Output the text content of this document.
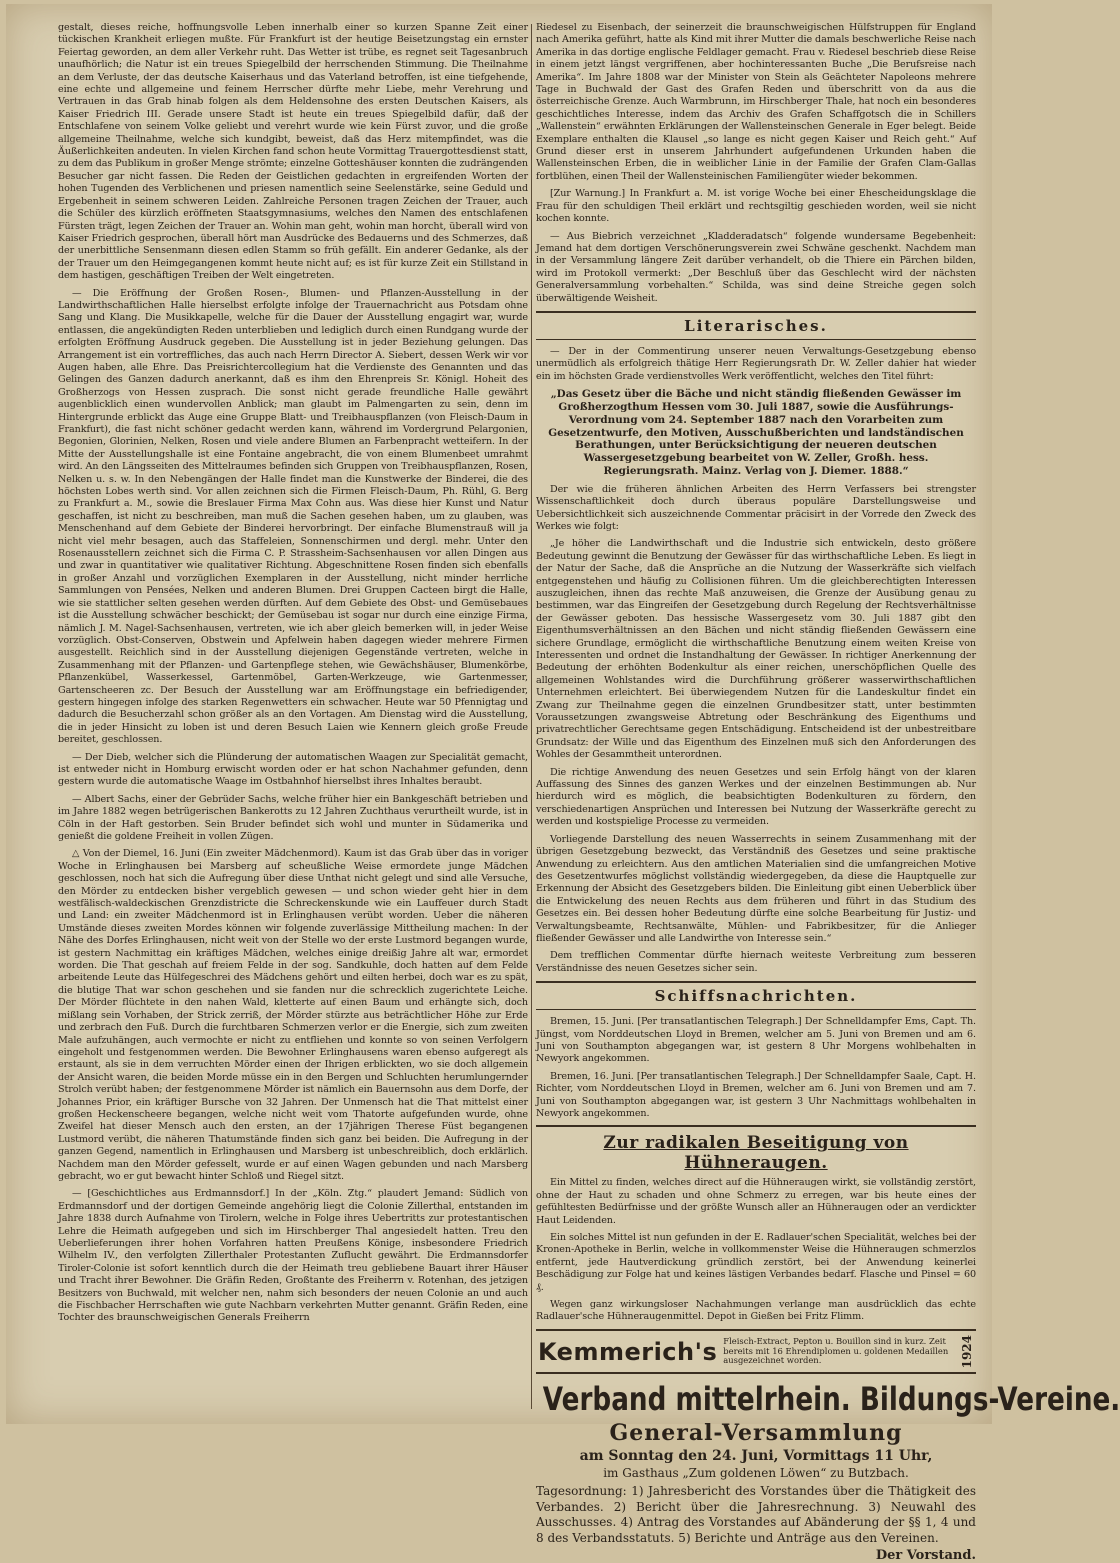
gestalt, dieses reiche, hoffnungsvolle Leben innerhalb einer so kurzen Spanne Zeit einer tückischen Krankheit erliegen mußte. Für Frankfurt ist der heutige Beisetzungstag ein ernster Feiertag geworden, an dem aller Verkehr ruht. Das Wetter ist trübe, es regnet seit Tagesanbruch unaufhörlich; die Natur ist ein treues Spiegelbild der herrschenden Stimmung. Die Theilnahme an dem Verluste, der das deutsche Kaiserhaus und das Vaterland betroffen, ist eine tiefgehende, eine echte und allgemeine und feinem Herrscher dürfte mehr Liebe, mehr Verehrung und Vertrauen in das Grab hinab folgen als dem Heldensohne des ersten Deutschen Kaisers, als Kaiser Friedrich III. Gerade unsere Stadt ist heute ein treues Spiegelbild dafür, daß der Entschlafene von seinem Volke geliebt und verehrt wurde wie kein Fürst zuvor, und die große allgemeine Theilnahme, welche sich kundgibt, beweist, daß das Herz mitempfindet, was die Äußerlichkeiten andeuten. In vielen Kirchen fand schon heute Vormittag Trauergottesdienst statt, zu dem das Publikum in großer Menge strömte; einzelne Gotteshäuser konnten die zudrängenden Besucher gar nicht fassen. Die Reden der Geistlichen gedachten in ergreifenden Worten der hohen Tugenden des Verblichenen und priesen namentlich seine Seelenstärke, seine Geduld und Ergebenheit in seinem schweren Leiden. Zahlreiche Personen tragen Zeichen der Trauer, auch die Schüler des kürzlich eröffneten Staatsgymnasiums, welches den Namen des entschlafenen Fürsten trägt, legen Zeichen der Trauer an. Wohin man geht, wohin man horcht, überall wird von Kaiser Friedrich gesprochen, überall hört man Ausdrücke des Bedauerns und des Schmerzes, daß der unerbittliche Sensenmann diesen edlen Stamm so früh gefällt. Ein anderer Gedanke, als der der Trauer um den Heimgegangenen kommt heute nicht auf; es ist für kurze Zeit ein Stillstand in dem hastigen, geschäftigen Treiben der Welt eingetreten.

— Die Eröffnung der Großen Rosen-, Blumen- und Pflanzen-Ausstellung in der Landwirthschaftlichen Halle hierselbst erfolgte infolge der Trauernachricht aus Potsdam ohne Sang und Klang. Die Musikkapelle, welche für die Dauer der Ausstellung engagirt war, wurde entlassen, die angekündigten Reden unterblieben und lediglich durch einen Rundgang wurde der erfolgten Eröffnung Ausdruck gegeben. Die Ausstellung ist in jeder Beziehung gelungen. Das Arrangement ist ein vortreffliches, das auch nach Herrn Director A. Siebert, dessen Werk wir vor Augen haben, alle Ehre. Das Preisrichtercollegium hat die Verdienste des Genannten und das Gelingen des Ganzen dadurch anerkannt, daß es ihm den Ehrenpreis Sr. Königl. Hoheit des Großherzogs von Hessen zusprach. Die sonst nicht gerade freundliche Halle gewährt augenblicklich einen wundervollen Anblick; man glaubt im Palmengarten zu sein, denn im Hintergrunde erblickt das Auge eine Gruppe Blatt- und Treibhauspflanzen (von Fleisch-Daum in Frankfurt), die fast nicht schöner gedacht werden kann, während im Vordergrund Pelargonien, Begonien, Glorinien, Nelken, Rosen und viele andere Blumen an Farbenpracht wetteifern. In der Mitte der Ausstellungshalle ist eine Fontaine angebracht, die von einem Blumenbeet umrahmt wird. An den Längsseiten des Mittelraumes befinden sich Gruppen von Treibhauspflanzen, Rosen, Nelken u. s. w. In den Nebengängen der Halle findet man die Kunstwerke der Binderei, die des höchsten Lobes werth sind. Vor allen zeichnen sich die Firmen Fleisch-Daum, Ph. Rühl, G. Berg zu Frankfurt a. M., sowie die Breslauer Firma Max Cohn aus. Was diese hier Kunst und Natur geschaffen, ist nicht zu beschreiben, man muß die Sachen gesehen haben, um zu glauben, was Menschenhand auf dem Gebiete der Binderei hervorbringt. Der einfache Blumenstrauß will ja nicht viel mehr besagen, auch das Staffeleien, Sonnenschirmen und dergl. mehr. Unter den Rosenausstellern zeichnet sich die Firma C. P. Strassheim-Sachsenhausen vor allen Dingen aus und zwar in quantitativer wie qualitativer Richtung. Abgeschnittene Rosen finden sich ebenfalls in großer Anzahl und vorzüglichen Exemplaren in der Ausstellung, nicht minder herrliche Sammlungen von Pensées, Nelken und anderen Blumen. Drei Gruppen Cacteen birgt die Halle, wie sie stattlicher selten gesehen werden dürften. Auf dem Gebiete des Obst- und Gemüsebaues ist die Ausstellung schwächer beschickt; der Gemüsebau ist sogar nur durch eine einzige Firma, nämlich J. M. Nagel-Sachsenhausen, vertreten, wie ich aber gleich bemerken will, in jeder Weise vorzüglich. Obst-Conserven, Obstwein und Apfelwein haben dagegen wieder mehrere Firmen ausgestellt. Reichlich sind in der Ausstellung diejenigen Gegenstände vertreten, welche in Zusammenhang mit der Pflanzen- und Gartenpflege stehen, wie Gewächshäuser, Blumenkörbe, Pflanzenkübel, Wasserkessel, Gartenmöbel, Garten-Werkzeuge, wie Gartenmesser, Gartenscheeren zc. Der Besuch der Ausstellung war am Eröffnungstage ein befriedigender, gestern hingegen infolge des starken Regenwetters ein schwacher. Heute war 50 Pfennigtag und dadurch die Besucherzahl schon größer als an den Vortagen. Am Dienstag wird die Ausstellung, die in jeder Hinsicht zu loben ist und deren Besuch Laien wie Kennern gleich große Freude bereitet, geschlossen.

— Der Dieb, welcher sich die Plünderung der automatischen Waagen zur Specialität gemacht, ist entweder nicht in Homburg erwischt worden oder er hat schon Nachahmer gefunden, denn gestern wurde die automatische Waage im Ostbahnhof hierselbst ihres Inhaltes beraubt.

— Albert Sachs, einer der Gebrüder Sachs, welche früher hier ein Bankgeschäft betrieben und im Jahre 1882 wegen betrügerischen Bankerotts zu 12 Jahren Zuchthaus verurtheilt wurde, ist in Cöln in der Haft gestorben. Sein Bruder befindet sich wohl und munter in Südamerika und genießt die goldene Freiheit in vollen Zügen.

△ Von der Diemel, 16. Juni (Ein zweiter Mädchenmord). Kaum ist das Grab über das in voriger Woche in Erlinghausen bei Marsberg auf scheußliche Weise ermordete junge Mädchen geschlossen, noch hat sich die Aufregung über diese Unthat nicht gelegt und sind alle Versuche, den Mörder zu entdecken bisher vergeblich gewesen — und schon wieder geht hier in dem westfälisch-waldeckischen Grenzdistricte die Schreckenskunde wie ein Lauffeuer durch Stadt und Land: ein zweiter Mädchenmord ist in Erlinghausen verübt worden. Ueber die näheren Umstände dieses zweiten Mordes können wir folgende zuverlässige Mittheilung machen: In der Nähe des Dorfes Erlinghausen, nicht weit von der Stelle wo der erste Lustmord begangen wurde, ist gestern Nachmittag ein kräftiges Mädchen, welches einige dreißig Jahre alt war, ermordet worden. Die That geschah auf freiem Felde in der sog. Sandkuhle, doch hatten auf dem Felde arbeitende Leute das Hülfegeschrei des Mädchens gehört und eilten herbei, doch war es zu spät, die blutige That war schon geschehen und sie fanden nur die schrecklich zugerichtete Leiche. Der Mörder flüchtete in den nahen Wald, kletterte auf einen Baum und erhängte sich, doch mißlang sein Vorhaben, der Strick zerriß, der Mörder stürzte aus beträchtlicher Höhe zur Erde und zerbrach den Fuß. Durch die furchtbaren Schmerzen verlor er die Energie, sich zum zweiten Male aufzuhängen, auch vermochte er nicht zu entfliehen und konnte so von seinen Verfolgern eingeholt und festgenommen werden. Die Bewohner Erlinghausens waren ebenso aufgeregt als erstaunt, als sie in dem verruchten Mörder einen der Ihrigen erblickten, wo sie doch allgemein der Ansicht waren, die beiden Morde müsse ein in den Bergen und Schluchten herumlungernder Strolch verübt haben; der festgenommene Mörder ist nämlich ein Bauernsohn aus dem Dorfe, der Johannes Prior, ein kräftiger Bursche von 32 Jahren. Der Unmensch hat die That mittelst einer großen Heckenscheere begangen, welche nicht weit vom Thatorte aufgefunden wurde, ohne Zweifel hat dieser Mensch auch den ersten, an der 17jährigen Therese Füst begangenen Lustmord verübt, die näheren Thatumstände finden sich ganz bei beiden. Die Aufregung in der ganzen Gegend, namentlich in Erlinghausen und Marsberg ist unbeschreiblich, doch erklärlich. Nachdem man den Mörder gefesselt, wurde er auf einen Wagen gebunden und nach Marsberg gebracht, wo er gut bewacht hinter Schloß und Riegel sitzt.

— [Geschichtliches aus Erdmannsdorf.] In der „Köln. Ztg.“ plaudert Jemand: Südlich von Erdmannsdorf und der dortigen Gemeinde angehörig liegt die Colonie Zillerthal, entstanden im Jahre 1838 durch Aufnahme von Tirolern, welche in Folge ihres Uebertritts zur protestantischen Lehre die Heimath aufgegeben und sich im Hirschberger Thal angesiedelt hatten. Treu den Ueberlieferungen ihrer hohen Vorfahren hatten Preußens Könige, insbesondere Friedrich Wilhelm IV., den verfolgten Zillerthaler Protestanten Zuflucht gewährt. Die Erdmannsdorfer Tiroler-Colonie ist sofort kenntlich durch die der Heimath treu gebliebene Bauart ihrer Häuser und Tracht ihrer Bewohner. Die Gräfin Reden, Großtante des Freiherrn v. Rotenhan, des jetzigen Besitzers von Buchwald, mit welcher nen, nahm sich besonders der neuen Colonie an und auch die Fischbacher Herrschaften wie gute Nachbarn verkehrten Mutter genannt. Gräfin Reden, eine Tochter des braunschweigischen Generals Freiherrn

Riedesel zu Eisenbach, der seinerzeit die braunschweigischen Hülfstruppen für England nach Amerika geführt, hatte als Kind mit ihrer Mutter die damals beschwerliche Reise nach Amerika in das dortige englische Feldlager gemacht. Frau v. Riedesel beschrieb diese Reise in einem jetzt längst vergriffenen, aber hochinteressanten Buche „Die Berufsreise nach Amerika“. Im Jahre 1808 war der Minister von Stein als Geächteter Napoleons mehrere Tage in Buchwald der Gast des Grafen Reden und überschritt von da aus die österreichische Grenze. Auch Warmbrunn, im Hirschberger Thale, hat noch ein besonderes geschichtliches Interesse, indem das Archiv des Grafen Schaffgotsch die in Schillers „Wallenstein“ erwähnten Erklärungen der Wallensteinschen Generale in Eger belegt. Beide Exemplare enthalten die Klausel „so lange es nicht gegen Kaiser und Reich geht.“ Auf Grund dieser erst in unserem Jahrhundert aufgefundenen Urkunden haben die Wallensteinschen Erben, die in weiblicher Linie in der Familie der Grafen Clam-Gallas fortblühen, einen Theil der Wallensteinischen Familiengüter wieder bekommen.

[Zur Warnung.] In Frankfurt a. M. ist vorige Woche bei einer Ehescheidungsklage die Frau für den schuldigen Theil erklärt und rechtsgiltig geschieden worden, weil sie nicht kochen konnte.

— Aus Biebrich verzeichnet „Kladderadatsch“ folgende wundersame Begebenheit: Jemand hat dem dortigen Verschönerungsverein zwei Schwäne geschenkt. Nachdem man in der Versammlung längere Zeit darüber verhandelt, ob die Thiere ein Pärchen bilden, wird im Protokoll vermerkt: „Der Beschluß über das Geschlecht wird der nächsten Generalversammlung vorbehalten.“ Schilda, was sind deine Streiche gegen solch überwältigende Weisheit.

Literarisches.

— Der in der Commentirung unserer neuen Verwaltungs-Gesetzgebung ebenso unermüdlich als erfolgreich thätige Herr Regierungsrath Dr. W. Zeller dahier hat wieder ein im höchsten Grade verdienstvolles Werk veröffentlicht, welches den Titel führt:

„Das Gesetz über die Bäche und nicht ständig fließenden Gewässer im Großherzogthum Hessen vom 30. Juli 1887, sowie die Ausführungs-Verordnung vom 24. September 1887 nach den Vorarbeiten zum Gesetzentwurfe, den Motiven, Ausschußberichten und landständischen Berathungen, unter Berücksichtigung der neueren deutschen Wassergesetzgebung bearbeitet von W. Zeller, Großh. hess. Regierungsrath. Mainz. Verlag von J. Diemer. 1888.“

Der wie die früheren ähnlichen Arbeiten des Herrn Verfassers bei strengster Wissenschaftlichkeit doch durch überaus populäre Darstellungsweise und Uebersichtlichkeit sich auszeichnende Commentar präcisirt in der Vorrede den Zweck des Werkes wie folgt:

„Je höher die Landwirthschaft und die Industrie sich entwickeln, desto größere Bedeutung gewinnt die Benutzung der Gewässer für das wirthschaftliche Leben. Es liegt in der Natur der Sache, daß die Ansprüche an die Nutzung der Wasserkräfte sich vielfach entgegenstehen und häufig zu Collisionen führen. Um die gleichberechtigten Interessen auszugleichen, ihnen das rechte Maß anzuweisen, die Grenze der Ausübung genau zu bestimmen, war das Eingreifen der Gesetzgebung durch Regelung der Rechtsverhältnisse der Gewässer geboten. Das hessische Wassergesetz vom 30. Juli 1887 gibt den Eigenthumsverhältnissen an den Bächen und nicht ständig fließenden Gewässern eine sichere Grundlage, ermöglicht die wirthschaftliche Benutzung einem weiten Kreise von Interessenten und ordnet die Instandhaltung der Gewässer. In richtiger Anerkennung der Bedeutung der erhöhten Bodenkultur als einer reichen, unerschöpflichen Quelle des allgemeinen Wohlstandes wird die Durchführung größerer wasserwirthschaftlichen Unternehmen erleichtert. Bei überwiegendem Nutzen für die Landeskultur findet ein Zwang zur Theilnahme gegen die einzelnen Grundbesitzer statt, unter bestimmten Voraussetzungen zwangsweise Abtretung oder Beschränkung des Eigenthums und privatrechtlicher Gerechtsame gegen Entschädigung. Entscheidend ist der unbestreitbare Grundsatz: der Wille und das Eigenthum des Einzelnen muß sich den Anforderungen des Wohles der Gesammtheit unterordnen.

Die richtige Anwendung des neuen Gesetzes und sein Erfolg hängt von der klaren Auffassung des Sinnes des ganzen Werkes und der einzelnen Bestimmungen ab. Nur hierdurch wird es möglich, die beabsichtigten Bodenkulturen zu fördern, den verschiedenartigen Ansprüchen und Interessen bei Nutzung der Wasserkräfte gerecht zu werden und kostspielige Processe zu vermeiden.

Vorliegende Darstellung des neuen Wasserrechts in seinem Zusammenhang mit der übrigen Gesetzgebung bezweckt, das Verständniß des Gesetzes und seine praktische Anwendung zu erleichtern. Aus den amtlichen Materialien sind die umfangreichen Motive des Gesetzentwurfes möglichst vollständig wiedergegeben, da diese die Hauptquelle zur Erkennung der Absicht des Gesetzgebers bilden. Die Einleitung gibt einen Ueberblick über die Entwickelung des neuen Rechts aus dem früheren und führt in das Studium des Gesetzes ein. Bei dessen hoher Bedeutung dürfte eine solche Bearbeitung für Justiz- und Verwaltungsbeamte, Rechtsanwälte, Mühlen- und Fabrikbesitzer, für die Anlieger fließender Gewässer und alle Landwirthe von Interesse sein.“

Dem trefflichen Commentar dürfte hiernach weiteste Verbreitung zum besseren Verständnisse des neuen Gesetzes sicher sein.

Schiffsnachrichten.

Bremen, 15. Juni. [Per transatlantischen Telegraph.] Der Schnelldampfer Ems, Capt. Th. Jüngst, vom Norddeutschen Lloyd in Bremen, welcher am 5. Juni von Bremen und am 6. Juni von Southampton abgegangen war, ist gestern 8 Uhr Morgens wohlbehalten in Newyork angekommen.

Bremen, 16. Juni. [Per transatlantischen Telegraph.] Der Schnelldampfer Saale, Capt. H. Richter, vom Norddeutschen Lloyd in Bremen, welcher am 6. Juni von Bremen und am 7. Juni von Southampton abgegangen war, ist gestern 3 Uhr Nachmittags wohlbehalten in Newyork angekommen.

Zur radikalen Beseitigung von Hühneraugen.

Ein Mittel zu finden, welches direct auf die Hühneraugen wirkt, sie vollständig zerstört, ohne der Haut zu schaden und ohne Schmerz zu erregen, war bis heute eines der gefühltesten Bedürfnisse und der größte Wunsch aller an Hühneraugen oder an verdickter Haut Leidenden.

Ein solches Mittel ist nun gefunden in der E. Radlauer'schen Specialität, welches bei der Kronen-Apotheke in Berlin, welche in vollkommenster Weise die Hühneraugen schmerzlos entfernt, jede Hautverdickung gründlich zerstört, bei der Anwendung keinerlei Beschädigung zur Folge hat und keines lästigen Verbandes bedarf. Flasche und Pinsel = 60 ₰.

Wegen ganz wirkungsloser Nachahmungen verlange man ausdrücklich das echte Radlauer'sche Hühneraugenmittel. Depot in Gießen bei Fritz Flimm.

Kemmerich's Fleisch-Extract, Pepton u. Bouillon sind in kurz. Zeit bereits mit 16 Ehrendiplomen u. goldenen Medaillen ausgezeichnet worden.	1924
Verband mittelrhein. Bildungs-Vereine.
General-Versammlung
am Sonntag den 24. Juni, Vormittags 11 Uhr,
im Gasthaus „Zum goldenen Löwen“ zu Butzbach.
Tagesordnung: 1) Jahresbericht des Vorstandes über die Thätigkeit des Verbandes. 2) Bericht über die Jahresrechnung. 3) Neuwahl des Ausschusses. 4) Antrag des Vorstandes auf Abänderung der §§ 1, 4 und 8 des Verbandsstatuts. 5) Berichte und Anträge aus den Vereinen.
Der Vorstand.
